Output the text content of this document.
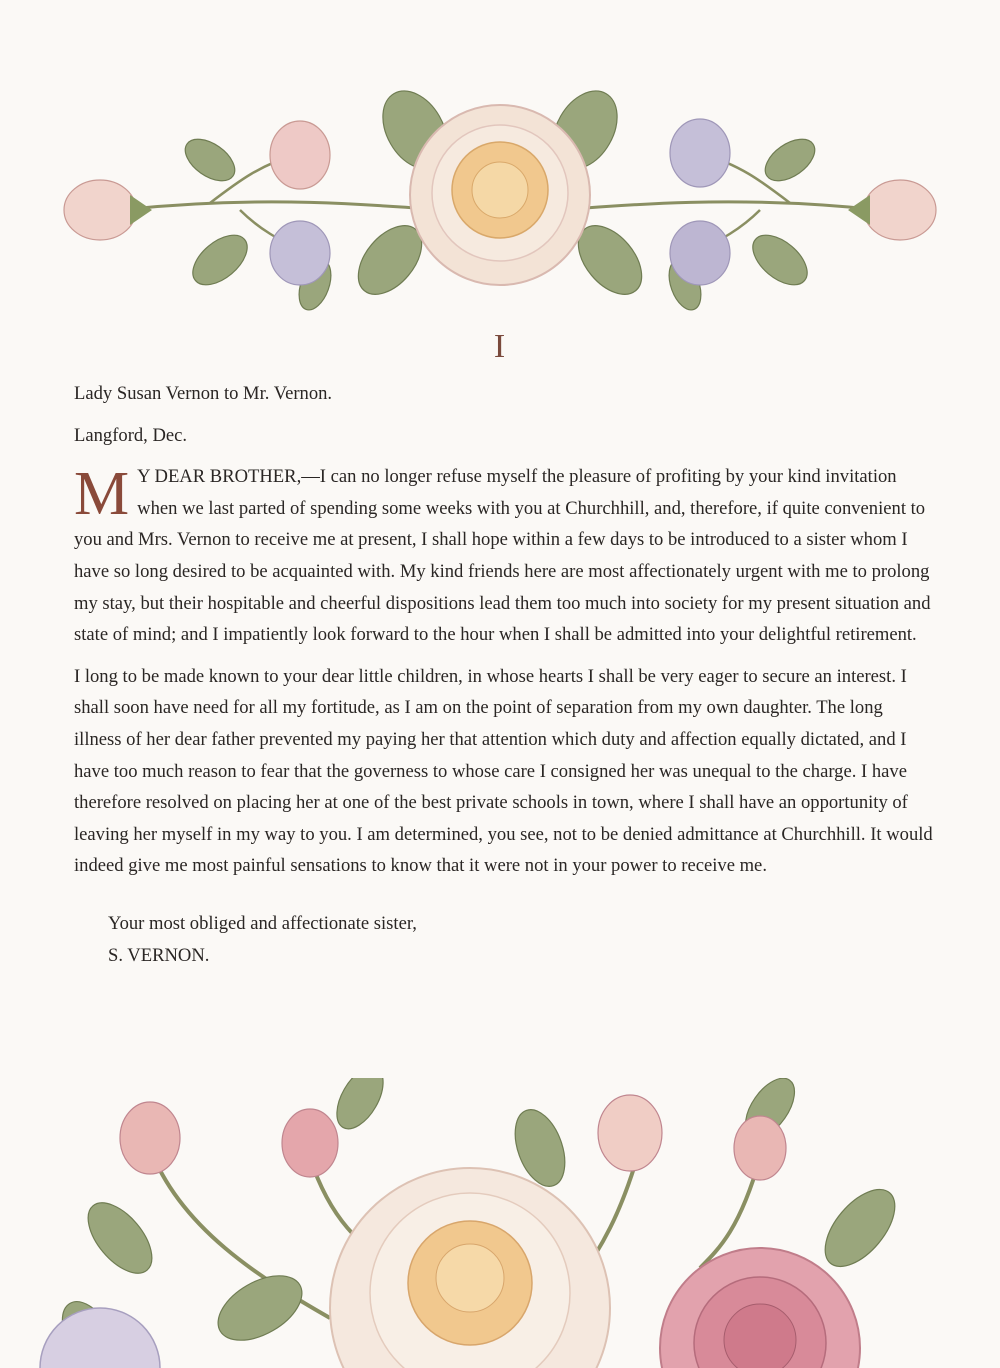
I

Lady Susan Vernon to Mr. Vernon.

Langford, Dec.

M Y DEAR BROTHER,—I can no longer refuse myself the pleasure of profiting by your kind invitation when we last parted of spending some weeks with you at Churchhill, and, therefore, if quite convenient to you and Mrs. Vernon to receive me at present, I shall hope within a few days to be introduced to a sister whom I have so long desired to be acquainted with. My kind friends here are most affectionately urgent with me to prolong my stay, but their hospitable and cheerful dispositions lead them too much into society for my present situation and state of mind; and I impatiently look forward to the hour when I shall be admitted into your delightful retirement.

I long to be made known to your dear little children, in whose hearts I shall be very eager to secure an interest. I shall soon have need for all my fortitude, as I am on the point of separation from my own daughter. The long illness of her dear father prevented my paying her that attention which duty and affection equally dictated, and I have too much reason to fear that the governess to whose care I consigned her was unequal to the charge. I have therefore resolved on placing her at one of the best private schools in town, where I shall have an opportunity of leaving her myself in my way to you. I am determined, you see, not to be denied admittance at Churchhill. It would indeed give me most painful sensations to know that it were not in your power to receive me.

Your most obliged and affectionate sister,
S. VERNON.
